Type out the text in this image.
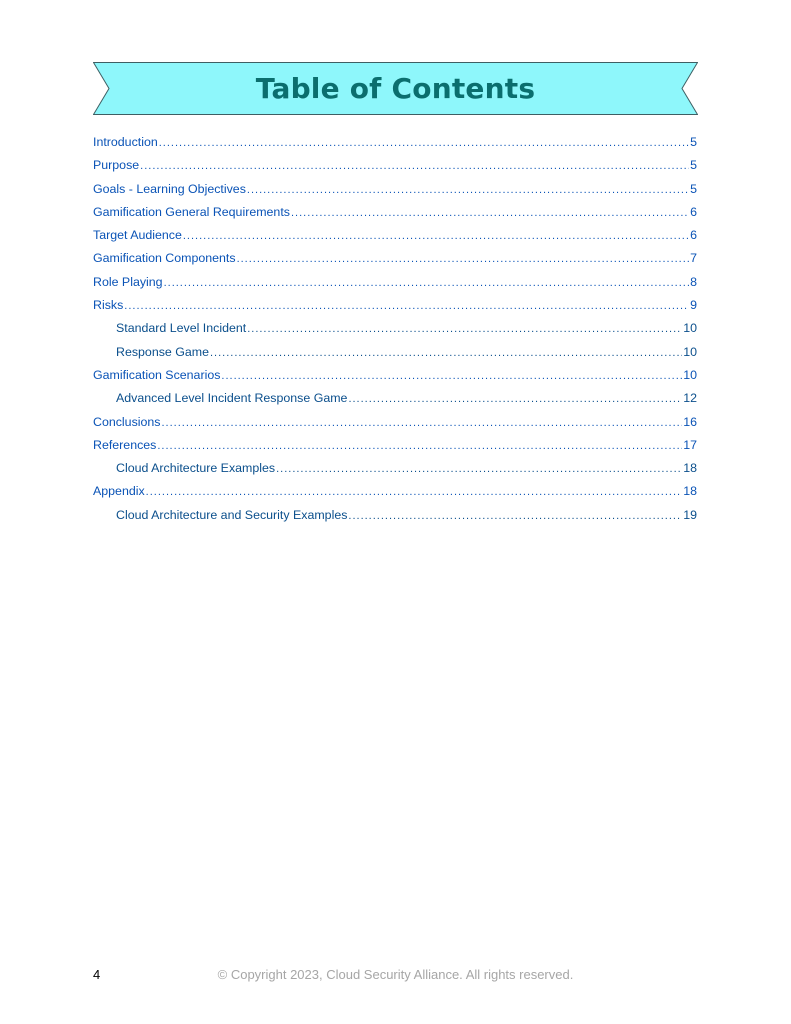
Table of Contents
Introduction .....	5
Purpose .....	5
Goals - Learning Objectives .....	5
Gamification General Requirements .....	6
Target Audience .....	6
Gamification Components .....	7
Role Playing .....	8
Risks .....	9
Standard Level Incident .....	10
Response Game .....	10
Gamification Scenarios .....	10
Advanced Level Incident Response Game .....	12
Conclusions .....	16
References .....	17
Cloud Architecture Examples .....	18
Appendix .....	18
Cloud Architecture and Security Examples .....	19
4	© Copyright 2023, Cloud Security Alliance. All rights reserved.
